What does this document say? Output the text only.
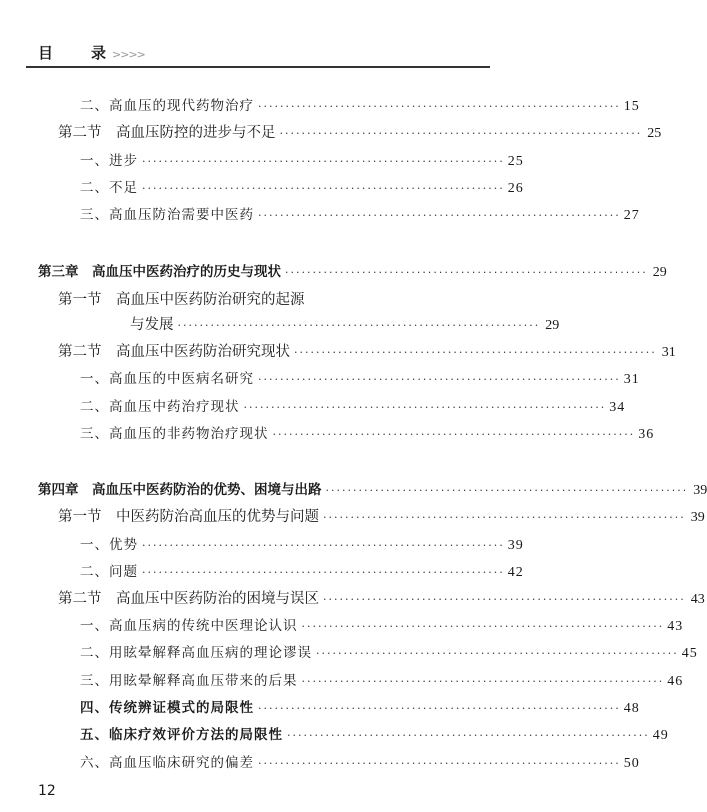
目	录 >>>>
二、高血压的现代药物治疗 ·································································· 15
第二节　高血压防控的进步与不足 ·································································· 25
一、进步 ·································································· 25
二、不足 ·································································· 26
三、高血压防治需要中医药 ·································································· 27
第三章　高血压中医药治疗的历史与现状 ·································································· 29
第一节　高血压中医药防治研究的起源
与发展 ·································································· 29
第二节　高血压中医药防治研究现状 ·································································· 31
一、高血压的中医病名研究 ·································································· 31
二、高血压中药治疗现状 ·································································· 34
三、高血压的非药物治疗现状 ·································································· 36
第四章　高血压中医药防治的优势、困境与出路 ·································································· 39
第一节　中医药防治高血压的优势与问题 ·································································· 39
一、优势 ·································································· 39
二、问题 ·································································· 42
第二节　高血压中医药防治的困境与误区 ·································································· 43
一、高血压病的传统中医理论认识 ·································································· 43
二、用眩晕解释高血压病的理论谬误 ·································································· 45
三、用眩晕解释高血压带来的后果 ·································································· 46
四、传统辨证模式的局限性 ·································································· 48
五、临床疗效评价方法的局限性 ·································································· 49
六、高血压临床研究的偏差 ·································································· 50
12
